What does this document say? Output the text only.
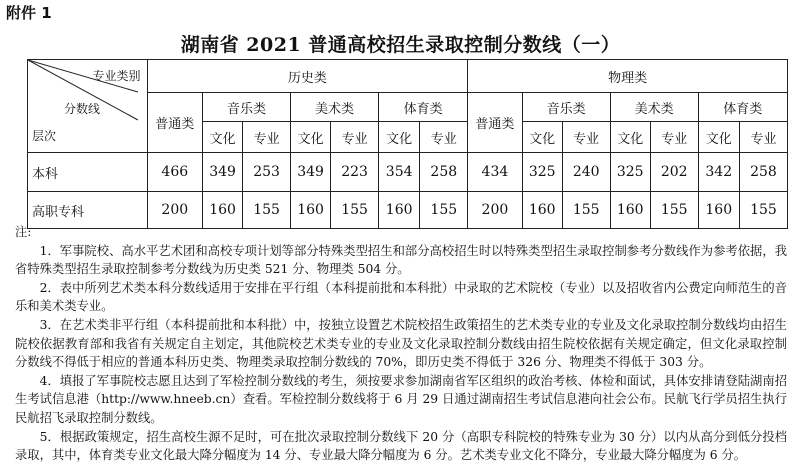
附件 1
湖南省 2021 普通高校招生录取控制分数线（一）
专业类别
分数线
层次	历史类							物理类						
	普通类	音乐类		美术类		体育类		普通类	音乐类		美术类		体育类	
		文化	专业	文化	专业	文化	专业		文化	专业	文化	专业	文化	专业
本科	466	349	253	349	223	354	258	434	325	240	325	202	342	258
高职专科	200	160	155	160	155	160	155	200	160	155	160	155	160	155

注:

1．军事院校、高水平艺术团和高校专项计划等部分特殊类型招生和部分高校招生时以特殊类型招生录取控制参考分数线作为参考依据，我省特殊类型招生录取控制参考分数线为历史类 521 分、物理类 504 分。

2．表中所列艺术类本科分数线适用于安排在平行组（本科提前批和本科批）中录取的艺术院校（专业）以及招收省内公费定向师范生的音乐和美术类专业。

3．在艺术类非平行组（本科提前批和本科批）中，按独立设置艺术院校招生政策招生的艺术类专业的专业及文化录取控制分数线均由招生院校依据教育部和我省有关规定自主划定，其他院校艺术类专业的专业及文化录取控制分数线由招生院校依据有关规定确定，但文化录取控制分数线不得低于相应的普通本科历史类、物理类录取控制分数线的 70%，即历史类不得低于 326 分、物理类不得低于 303 分。

4．填报了军事院校志愿且达到了军检控制分数线的考生，须按要求参加湖南省军区组织的政治考核、体检和面试，具体安排请登陆湖南招生考试信息港（http://www.hneeb.cn）查看。军检控制分数线将于 6 月 29 日通过湖南招生考试信息港向社会公布。民航飞行学员招生执行民航招飞录取控制分数线。

5．根据政策规定，招生高校生源不足时，可在批次录取控制分数线下 20 分（高职专科院校的特殊专业为 30 分）以内从高分到低分投档录取，其中，体育类专业文化最大降分幅度为 14 分、专业最大降分幅度为 6 分。艺术类专业文化不降分，专业最大降分幅度为 6 分。
